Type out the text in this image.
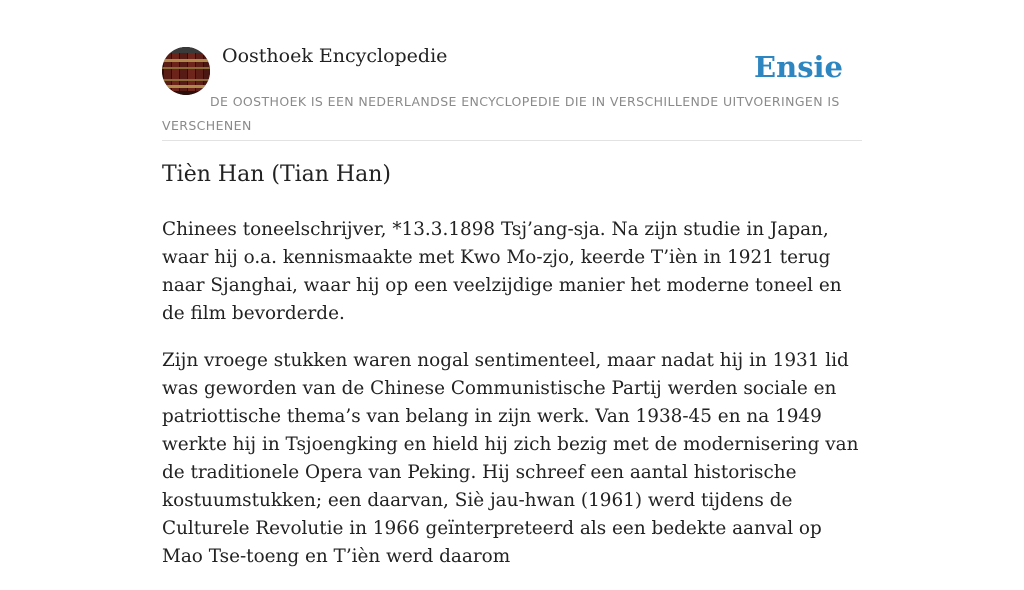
Oosthoek Encyclopedie	Ensie
DE OOSTHOEK IS EEN NEDERLANDSE ENCYCLOPEDIE DIE IN VERSCHILLENDE UITVOERINGEN IS VERSCHENEN
Tièn Han (Tian Han)

Chinees toneelschrijver, *13.3.1898 Tsj’ang-sja. Na zijn studie in Japan, waar hij o.a. kennismaakte met Kwo Mo-zjo, keerde T’ièn in 1921 terug naar Sjanghai, waar hij op een veelzijdige manier het moderne toneel en de film bevorderde.

Zijn vroege stukken waren nogal sentimenteel, maar nadat hij in 1931 lid was geworden van de Chinese Communistische Partij werden sociale en patriottische thema’s van belang in zijn werk. Van 1938-45 en na 1949 werkte hij in Tsjoengking en hield hij zich bezig met de modernisering van de traditionele Opera van Peking. Hij schreef een aantal historische kostuumstukken; een daarvan, Siè jau-hwan (1961) werd tijdens de Culturele Revolutie in 1966 geïnterpreteerd als een bedekte aanval op Mao Tse-toeng en T’ièn werd daarom
